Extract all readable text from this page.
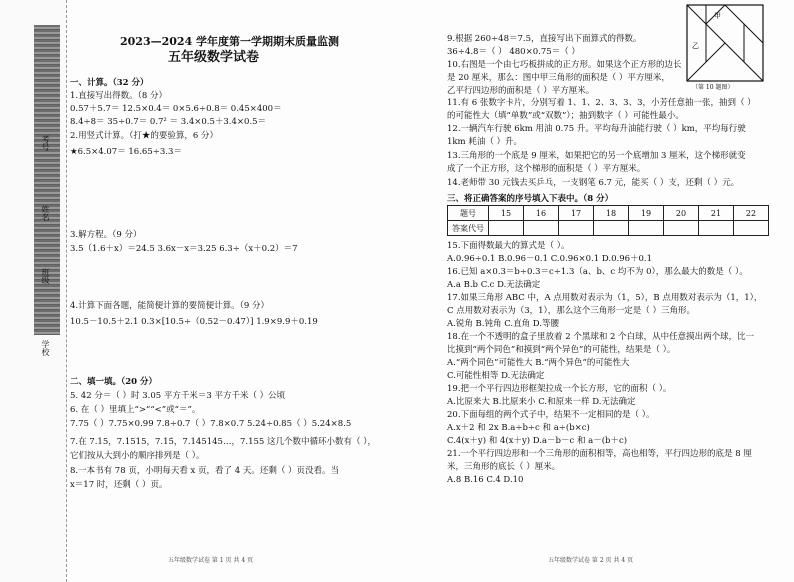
姓名
班级
学校
考号
2023—2024 学年度第一学期期末质量监测
五年级数学试卷
一、计算。（32 分）
1.直接写出得数。（8 分）
0.57＋5.7＝ 12.5×0.4＝ 0×5.6÷0.8＝ 0.45×400＝
8.4÷8＝ 35÷0.7＝ 0.7² ＝ 3.4×0.5＋3.4×0.5＝
2.用竖式计算。（打★的要验算，6 分）
★6.5×4.07＝ 16.65÷3.3＝
3.解方程。（9 分）
3.5（1.6＋x）＝24.5 3.6x－x＝3.25 6.3÷（x＋0.2）＝7
4.计算下面各题，能简便计算的要简便计算。（9 分）
10.5－10.5＋2.1 0.3×[10.5÷（0.52－0.47）] 1.9×9.9＋0.19
二、填一填。（20 分）
5. 42 分＝（ ）时 3.05 平方千米＝3 平方千米（ ）公顷
6. 在（ ）里填上“>”“<”或“＝”。
7.75（ ）7.75×0.99 7.8÷0.7（ ）7.8×0.7 5.24÷0.85（ ）5.24×8.5
7.在 7.15，7.1515，7.15̇，7.145145…，7.155 这几个数中循环小数有（ ），
它们按从大到小的顺序排列是（ ）。
8.一本书有 78 页，小明每天看 x 页，看了 4 天。还剩（ ）页没看。当
x＝17 时，还剩（ ）页。
9.根据 260÷48＝7.5，直接写出下面算式的得数。
36÷4.8＝（ ） 480×0.75＝（ ）
10.右图是一个由七巧板拼成的正方形。如果这个正方形的边长
是 20 厘米，那么：图中甲三角形的面积是（ ）平方厘米，
乙平行四边形的面积是（ ）平方厘米。
11.有 6 张数字卡片，分别写着 1、1、2、3、3、3，小芳任意抽一张，抽到（ ）
的可能性大（填“单数”或“双数”）；抽到数字（ ）可能性最小。
12.一辆汽车行驶 6km 用油 0.75 升。平均每升油能行驶（ ）km，平均每行驶
1km 耗油（ ）升。
13.三角形的一个底是 9 厘米，如果把它的另一个底增加 3 厘米，这个梯形就变
成了一个正方形，这个梯形的面积是（ ）平方厘米。
14.老师带 30 元钱去买乒乓，一支钢笔 6.7 元，能买（ ）支，还剩（ ）元。
三、将正确答案的序号填入下表中。（8 分）
15.下面得数最大的算式是（ ）。
A.0.96÷0.1 B.0.96－0.1 C.0.96×0.1 D.0.96＋0.1
16.已知 a×0.3＝b÷0.3＝c÷1.3（a、b、c 均不为 0），那么最大的数是（ ）。
A.a B.b C.c D.无法确定
17.如果三角形 ABC 中，A 点用数对表示为（1，5），B 点用数对表示为（1，1），
C 点用数对表示为（3，1），那么这个三角形一定是（ ）三角形。
A.锐角 B.钝角 C.直角 D.等腰
18.在一个不透明的盒子里放着 2 个黑球和 2 个白球，从中任意摸出两个球，比一
比摸到“两个同色”和摸到“两个异色”的可能性，结果是（ ）。
A.“两个同色”可能性大 B.“两个异色”的可能性大
C.可能性相等 D.无法确定
19.把一个平行四边形框架拉成一个长方形，它的面积（ ）。
A.比原来大 B.比原来小 C.和原来一样 D.无法确定
20.下面每组的两个式子中，结果不一定相同的是（ ）。
A.x＋2 和 2x B.a÷b÷c 和 a÷(b×c)
C.4(x＋y) 和 4(x＋y) D.a－b－c 和 a－(b＋c)
21.一个平行四边形和一个三角形的面积相等，高也相等，平行四边形的底是 8 厘
米，三角形的底长（ ）厘米。
A.8 B.16 C.4 D.10
题号	15	16	17	18	19	20	21	22
答案代号								
甲
乙
（第 10 题图）
五年级数学试卷 第 1 页 共 4 页	五年级数学试卷 第 2 页 共 4 页
